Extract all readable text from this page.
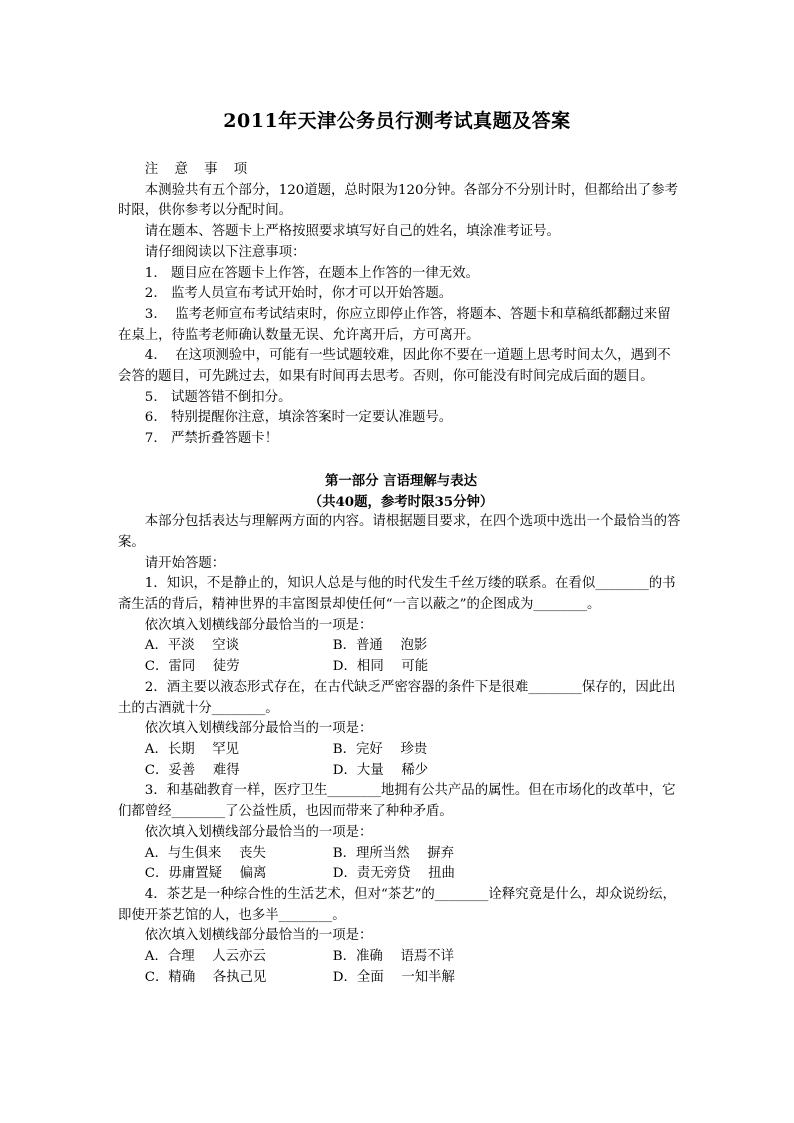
2011年天津公务员行测考试真题及答案

注 意 事 项

本测验共有五个部分，120道题，总时限为120分钟。各部分不分别计时，但都给出了参考时限，供你参考以分配时间。

请在题本、答题卡上严格按照要求填写好自己的姓名，填涂准考证号。

请仔细阅读以下注意事项：

1.　题目应在答题卡上作答，在题本上作答的一律无效。

2.　监考人员宣布考试开始时，你才可以开始答题。

3.　 监考老师宣布考试结束时，你应立即停止作答，将题本、答题卡和草稿纸都翻过来留在桌上，待监考老师确认数量无误、允许离开后，方可离开。

4.　 在这项测验中，可能有一些试题较难，因此你不要在一道题上思考时间太久，遇到不会答的题目，可先跳过去，如果有时间再去思考。否则，你可能没有时间完成后面的题目。

5.　试题答错不倒扣分。

6.　特别提醒你注意，填涂答案时一定要认准题号。

7.　严禁折叠答题卡！

第一部分 言语理解与表达

（共40题，参考时限35分钟）

本部分包括表达与理解两方面的内容。请根据题目要求，在四个选项中选出一个最恰当的答案。

请开始答题：

1．知识，不是静止的，知识人总是与他的时代发生千丝万缕的联系。在看似________的书斋生活的背后，精神世界的丰富图景却使任何“一言以蔽之”的企图成为________。

依次填入划横线部分最恰当的一项是：

A．平淡　 空谈	B．普通　 泡影
C．雷同　 徒劳	D．相同　 可能

2．酒主要以液态形式存在，在古代缺乏严密容器的条件下是很难________保存的，因此出土的古酒就十分________。

依次填入划横线部分最恰当的一项是：

A．长期　 罕见	B．完好　 珍贵
C．妥善　 难得	D．大量　 稀少

3．和基础教育一样，医疗卫生________地拥有公共产品的属性。但在市场化的改革中，它们都曾经________了公益性质，也因而带来了种种矛盾。

依次填入划横线部分最恰当的一项是：

A．与生俱来　 丧失	B．理所当然　 摒弃
C．毋庸置疑　 偏离	D．责无旁贷　 扭曲

4．茶艺是一种综合性的生活艺术，但对“茶艺”的________诠释究竟是什么，却众说纷纭，即使开茶艺馆的人，也多半________。

依次填入划横线部分最恰当的一项是：

A．合理　 人云亦云	B．准确　 语焉不详
C．精确　 各执己见	D．全面　 一知半解
